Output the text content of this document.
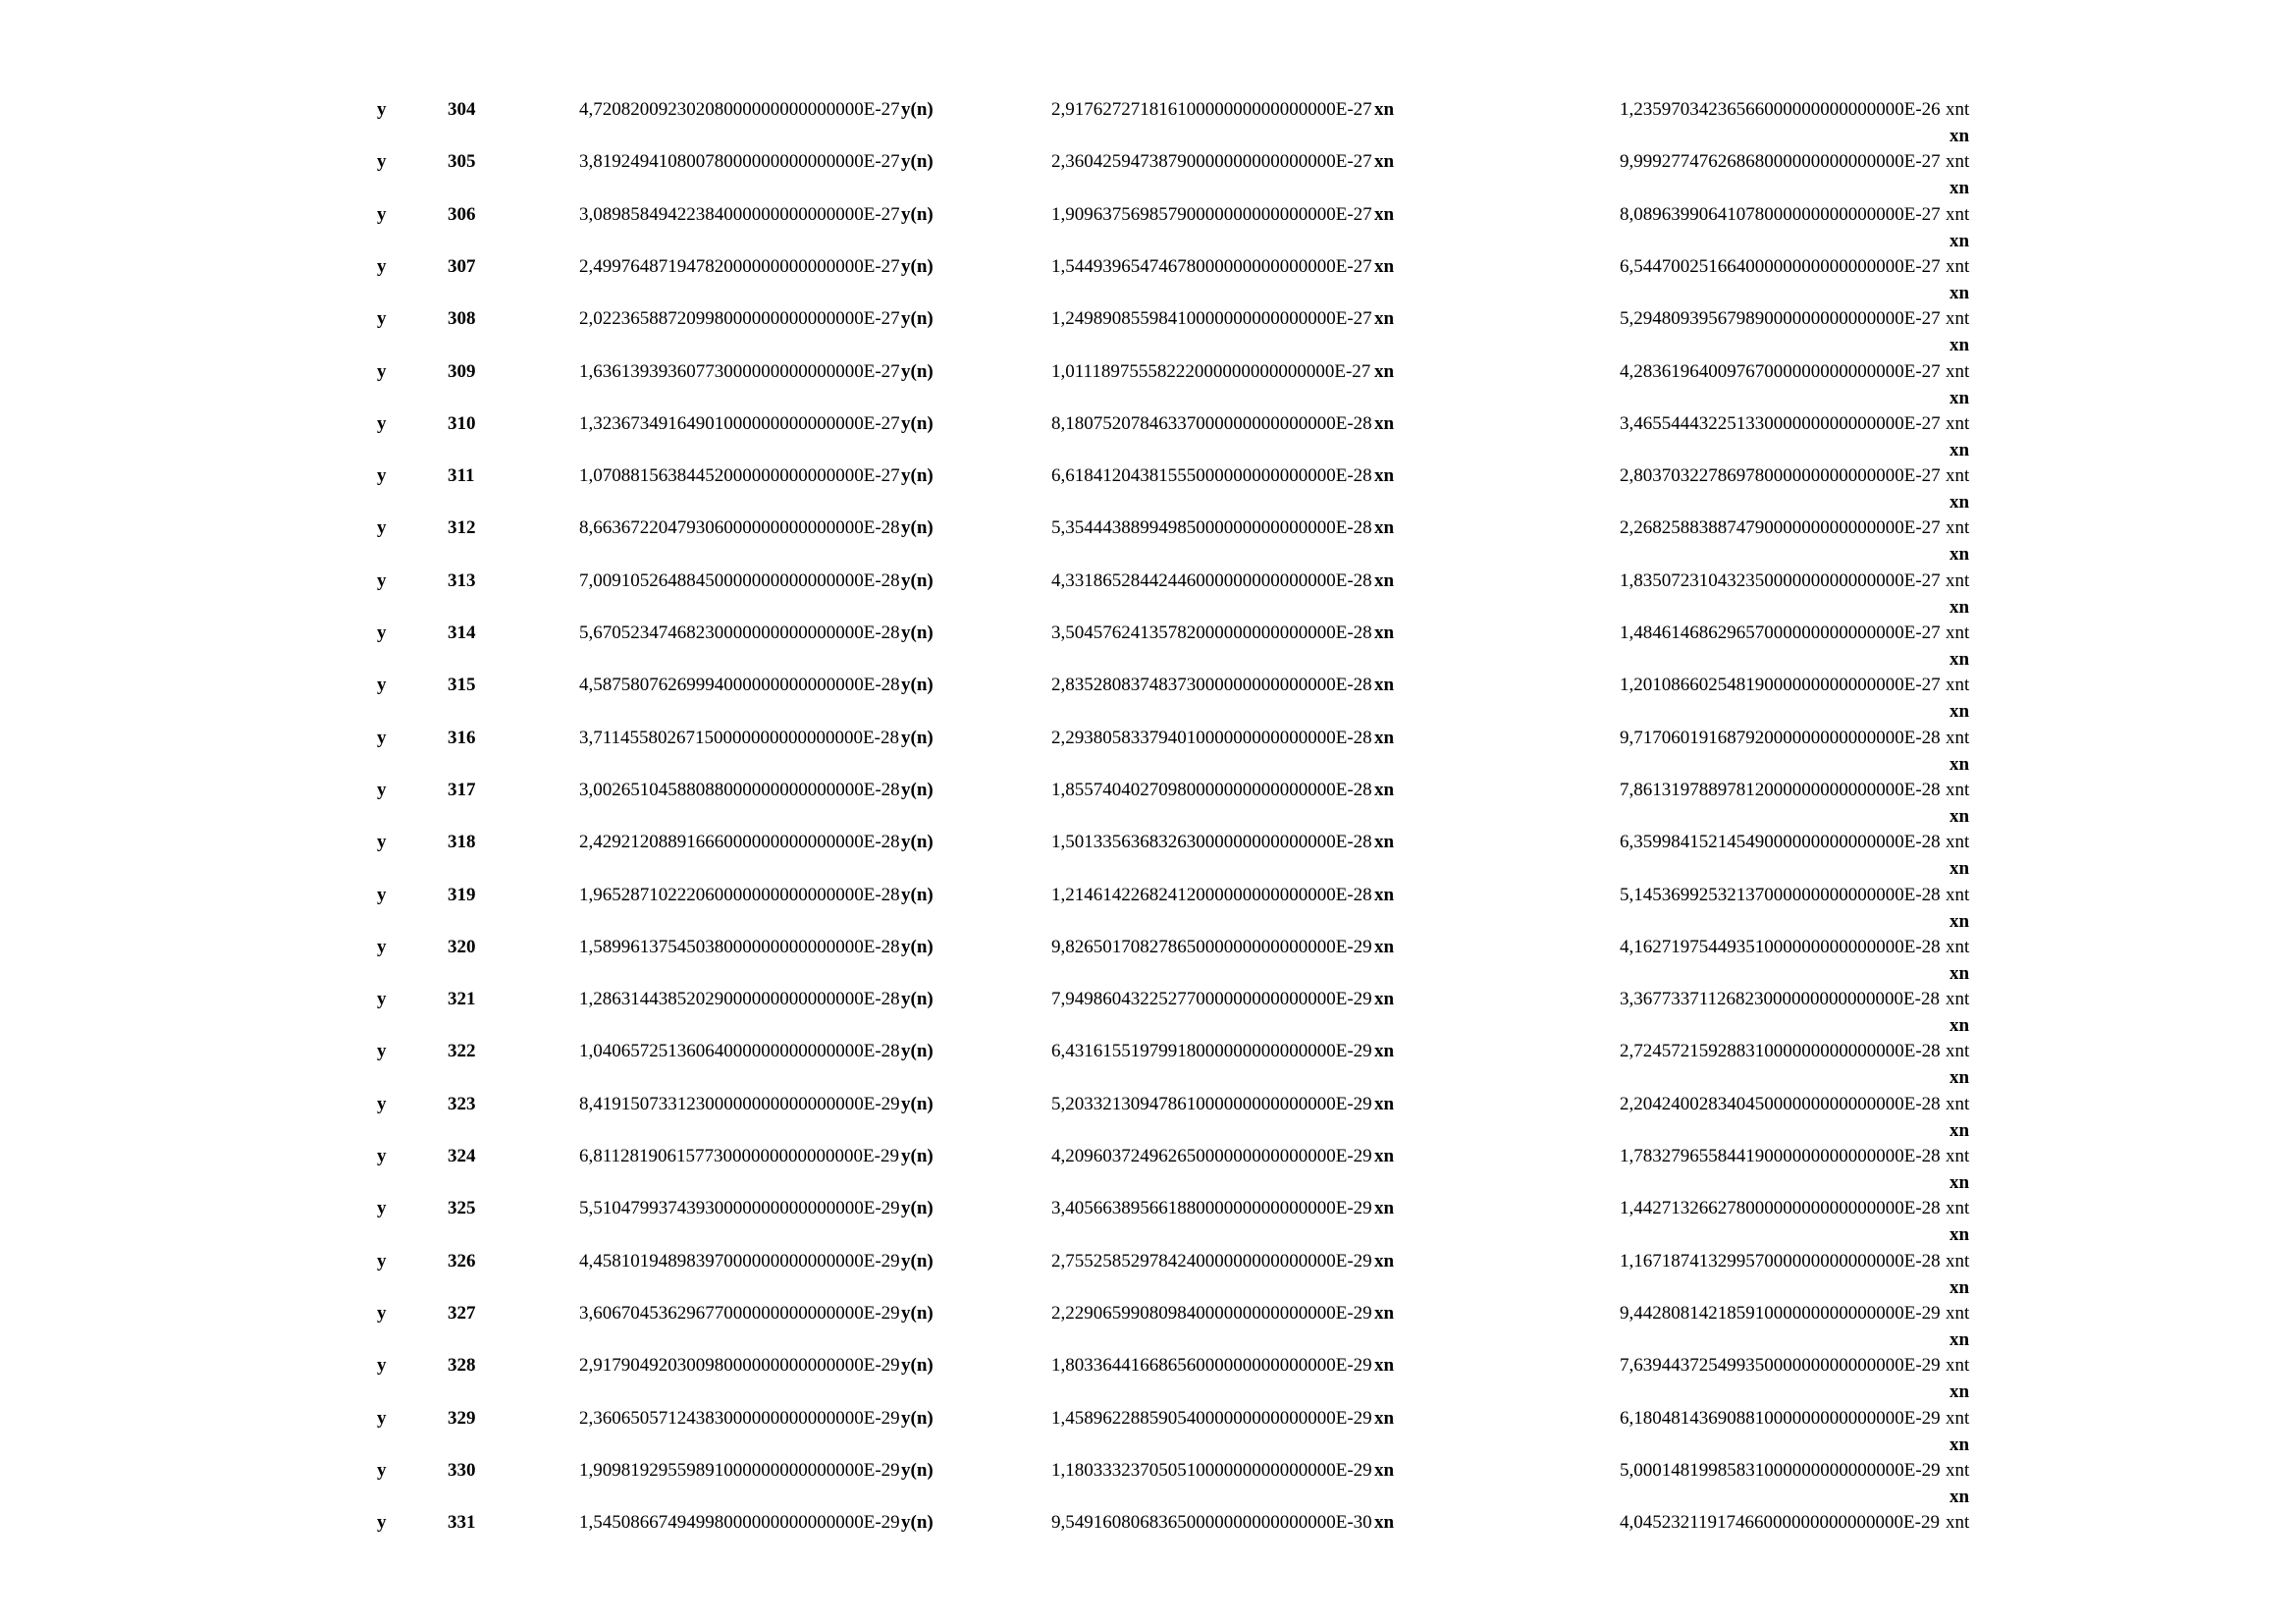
y	304	4,72082009230208000000000000000E-27 y(n)	2,91762727181610000000000000000E-27 xn	1,23597034236566000000000000000E-26 xnt
xn
y	305	3,81924941080078000000000000000E-27 y(n)	2,36042594738790000000000000000E-27 xn	9,99927747626868000000000000000E-27 xnt
xn
y	306	3,08985849422384000000000000000E-27 y(n)	1,90963756985790000000000000000E-27 xn	8,08963990641078000000000000000E-27 xnt
xn
y	307	2,49976487194782000000000000000E-27 y(n)	1,54493965474678000000000000000E-27 xn	6,54470025166400000000000000000E-27 xnt
xn
y	308	2,02236588720998000000000000000E-27 y(n)	1,24989085598410000000000000000E-27 xn	5,29480939567989000000000000000E-27 xnt
xn
y	309	1,63613939360773000000000000000E-27 y(n)	1,01118975558222000000000000000E-27 xn	4,28361964009767000000000000000E-27 xnt
xn
y	310	1,32367349164901000000000000000E-27 y(n)	8,18075207846337000000000000000E-28 xn	3,46554443225133000000000000000E-27 xnt
xn
y	311	1,07088156384452000000000000000E-27 y(n)	6,61841204381555000000000000000E-28 xn	2,80370322786978000000000000000E-27 xnt
xn
y	312	8,66367220479306000000000000000E-28 y(n)	5,35444388994985000000000000000E-28 xn	2,26825883887479000000000000000E-27 xnt
xn
y	313	7,00910526488450000000000000000E-28 y(n)	4,33186528442446000000000000000E-28 xn	1,83507231043235000000000000000E-27 xnt
xn
y	314	5,67052347468230000000000000000E-28 y(n)	3,50457624135782000000000000000E-28 xn	1,48461468629657000000000000000E-27 xnt
xn
y	315	4,58758076269994000000000000000E-28 y(n)	2,83528083748373000000000000000E-28 xn	1,20108660254819000000000000000E-27 xnt
xn
y	316	3,71145580267150000000000000000E-28 y(n)	2,29380583379401000000000000000E-28 xn	9,71706019168792000000000000000E-28 xnt
xn
y	317	3,00265104588088000000000000000E-28 y(n)	1,85574040270980000000000000000E-28 xn	7,86131978897812000000000000000E-28 xnt
xn
y	318	2,42921208891666000000000000000E-28 y(n)	1,50133563683263000000000000000E-28 xn	6,35998415214549000000000000000E-28 xnt
xn
y	319	1,96528710222060000000000000000E-28 y(n)	1,21461422682412000000000000000E-28 xn	5,14536992532137000000000000000E-28 xnt
xn
y	320	1,58996137545038000000000000000E-28 y(n)	9,82650170827865000000000000000E-29 xn	4,16271975449351000000000000000E-28 xnt
xn
y	321	1,28631443852029000000000000000E-28 y(n)	7,94986043225277000000000000000E-29 xn	3,36773371126823000000000000000E-28 xnt
xn
y	322	1,04065725136064000000000000000E-28 y(n)	6,43161551979918000000000000000E-29 xn	2,72457215928831000000000000000E-28 xnt
xn
y	323	8,41915073312300000000000000000E-29 y(n)	5,20332130947861000000000000000E-29 xn	2,20424002834045000000000000000E-28 xnt
xn
y	324	6,81128190615773000000000000000E-29 y(n)	4,20960372496265000000000000000E-29 xn	1,78327965584419000000000000000E-28 xnt
xn
y	325	5,51047993743930000000000000000E-29 y(n)	3,40566389566188000000000000000E-29 xn	1,44271326627800000000000000000E-28 xnt
xn
y	326	4,45810194898397000000000000000E-29 y(n)	2,75525852978424000000000000000E-29 xn	1,16718741329957000000000000000E-28 xnt
xn
y	327	3,60670453629677000000000000000E-29 y(n)	2,22906599080984000000000000000E-29 xn	9,44280814218591000000000000000E-29 xnt
xn
y	328	2,91790492030098000000000000000E-29 y(n)	1,80336441668656000000000000000E-29 xn	7,63944372549935000000000000000E-29 xnt
xn
y	329	2,36065057124383000000000000000E-29 y(n)	1,45896228859054000000000000000E-29 xn	6,18048143690881000000000000000E-29 xnt
xn
y	330	1,90981929559891000000000000000E-29 y(n)	1,18033323705051000000000000000E-29 xn	5,00014819985831000000000000000E-29 xnt
xn
y	331	1,54508667494998000000000000000E-29 y(n)	9,54916080683650000000000000000E-30 xn	4,04523211917466000000000000000E-29 xnt
